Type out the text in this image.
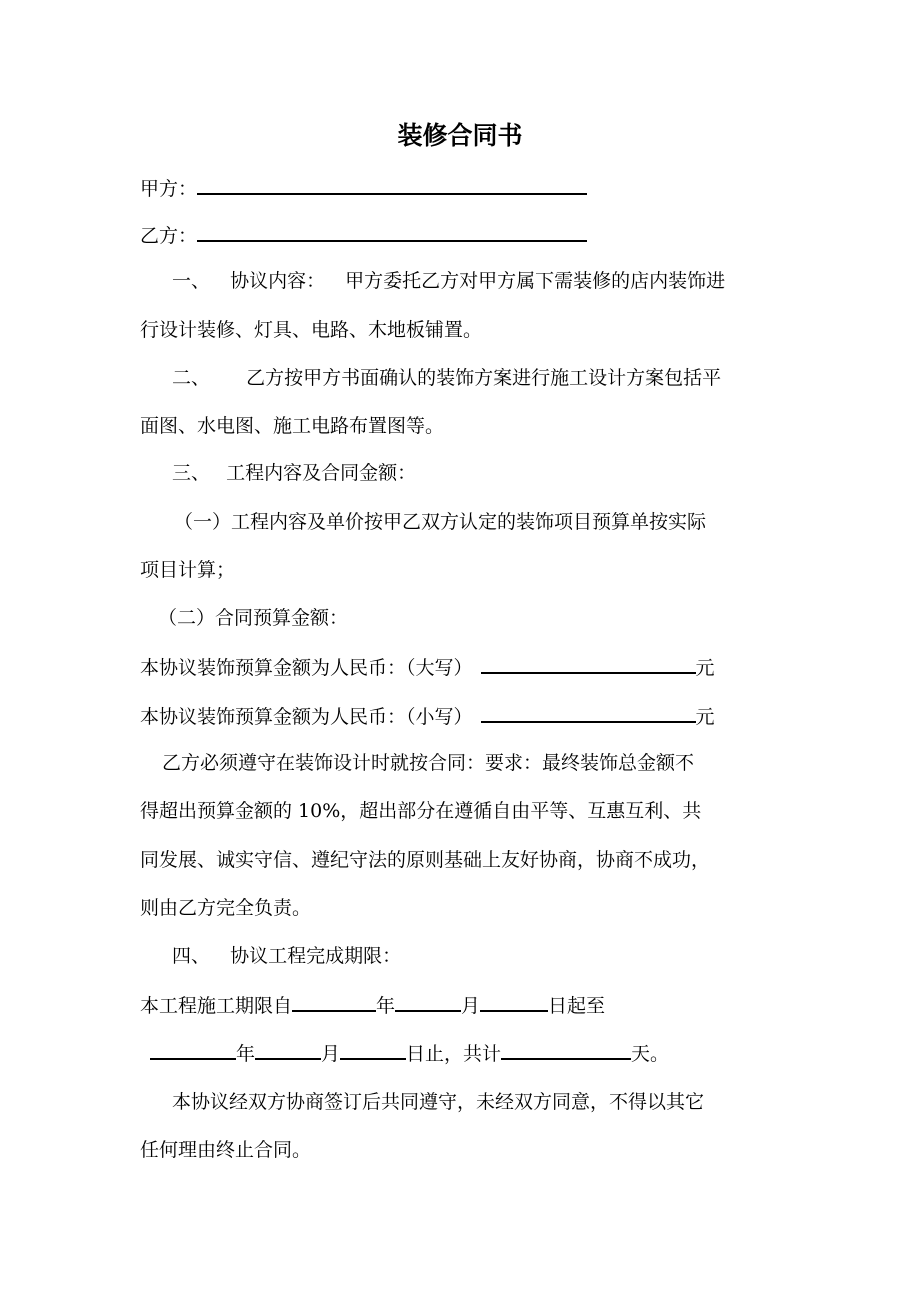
装修合同书
甲方：
乙方：
一、 协议内容： 甲方委托乙方对甲方属下需装修的店内装饰进
行设计装修、灯具、电路、木地板铺置。
二、 乙方按甲方书面确认的装饰方案进行施工设计方案包括平
面图、水电图、施工电路布置图等。
三、 工程内容及合同金额：
（一）工程内容及单价按甲乙双方认定的装饰项目预算单按实际
项目计算；
（二）合同预算金额：
本协议装饰预算金额为人民币：（大写）	元
本协议装饰预算金额为人民币：（小写）	元
乙方必须遵守在装饰设计时就按合同：要求：最终装饰总金额不
得超出预算金额的 10%，超出部分在遵循自由平等、互惠互利、共
同发展、诚实守信、遵纪守法的原则基础上友好协商，协商不成功，
则由乙方完全负责。
四、 协议工程完成期限：
本工程施工期限自	年	月	日起至
年	月	日止，共计	天。
本协议经双方协商签订后共同遵守，未经双方同意，不得以其它
任何理由终止合同。
